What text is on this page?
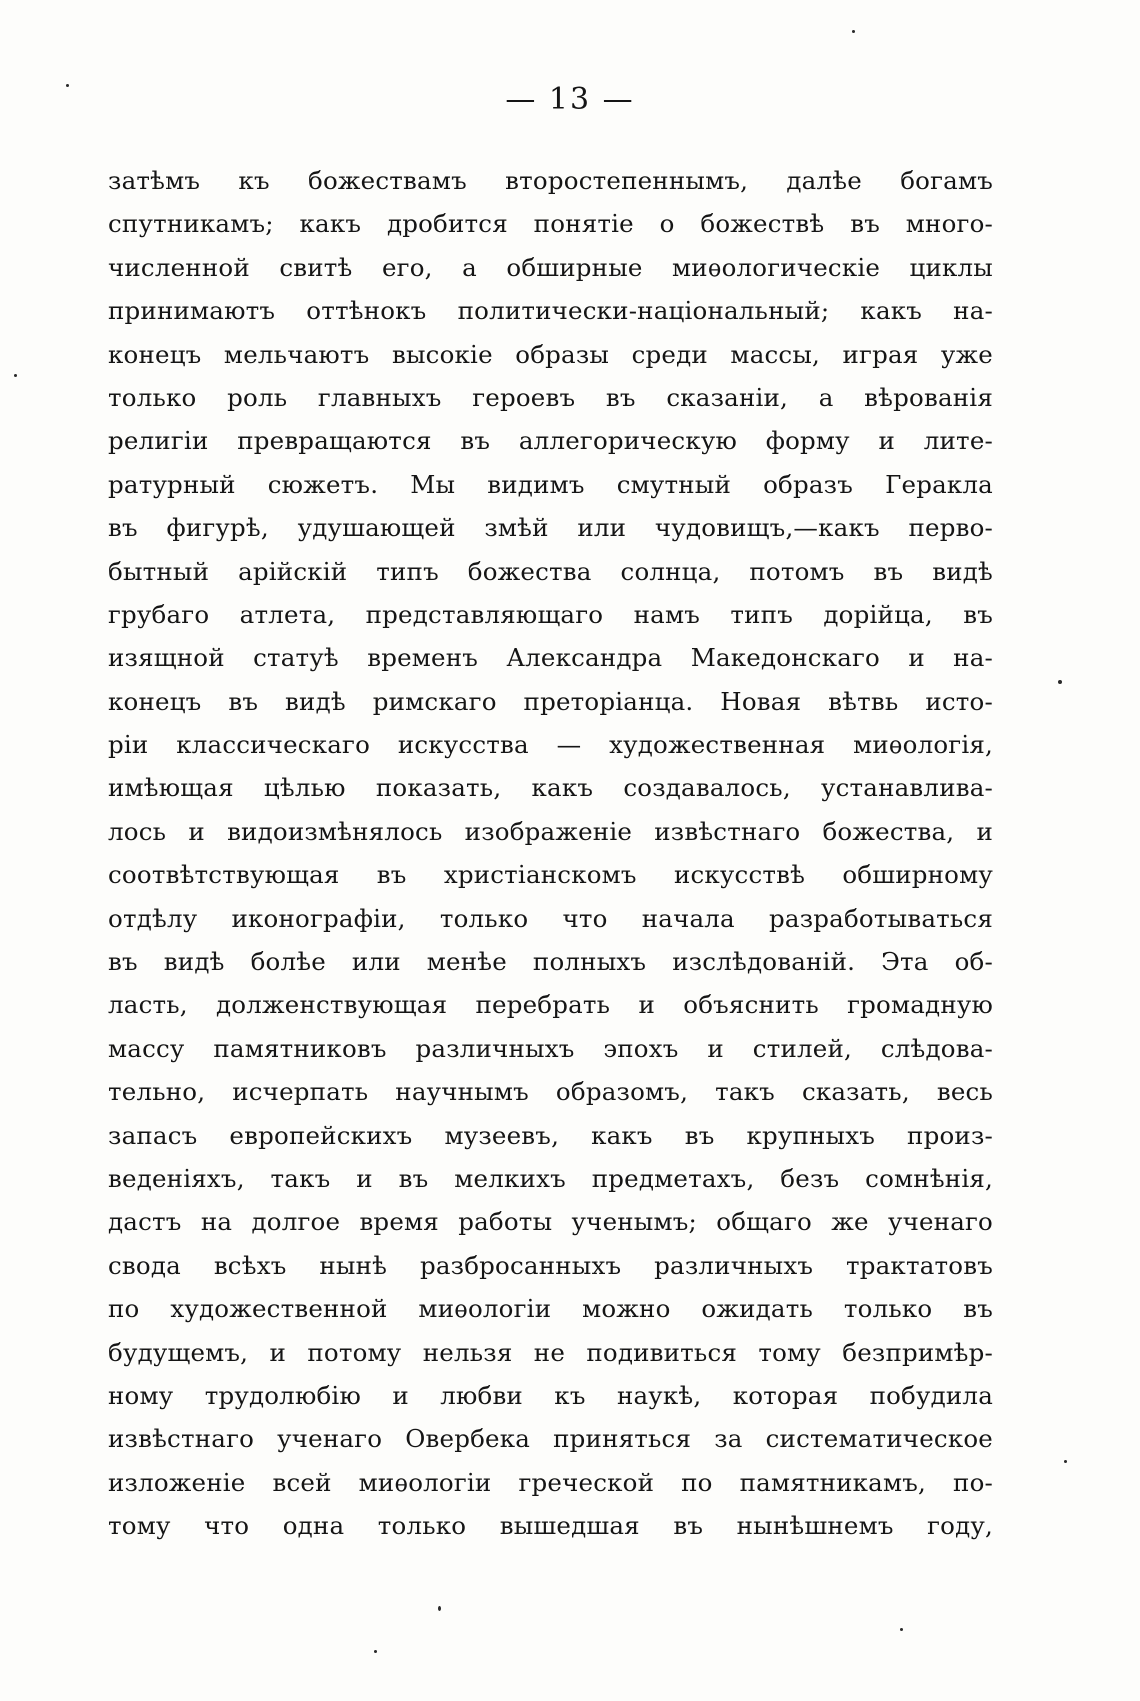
— 13 —
затѣмъ къ божествамъ второстепеннымъ, далѣе богамъ
спутникамъ; какъ дробится понятіе о божествѣ въ много-
численной свитѣ его, а обширные миѳологическіе циклы
принимаютъ оттѣнокъ политически-національный; какъ на-
конецъ мельчаютъ высокіе образы среди массы, играя уже
только роль главныхъ героевъ въ сказаніи, а вѣрованія
религіи превращаются въ аллегорическую форму и лите-
ратурный сюжетъ. Мы видимъ смутный образъ Геракла
въ фигурѣ, удушающей змѣй или чудовищъ,—какъ перво-
бытный арійскій типъ божества солнца, потомъ въ видѣ
грубаго атлета, представляющаго намъ типъ дорійца, въ
изящной статуѣ временъ Александра Македонскаго и на-
конецъ въ видѣ римскаго преторіанца. Новая вѣтвь исто-
ріи классическаго искусства — художественная миѳологія,
имѣющая цѣлью показать, какъ создавалось, устанавлива-
лось и видоизмѣнялось изображеніе извѣстнаго божества, и
соотвѣтствующая въ христіанскомъ искусствѣ обширному
отдѣлу иконографіи, только что начала разработываться
въ видѣ болѣе или менѣе полныхъ изслѣдованій. Эта об-
ласть, долженствующая перебрать и объяснить громадную
массу памятниковъ различныхъ эпохъ и стилей, слѣдова-
тельно, исчерпать научнымъ образомъ, такъ сказать, весь
запасъ европейскихъ музеевъ, какъ въ крупныхъ произ-
веденіяхъ, такъ и въ мелкихъ предметахъ, безъ сомнѣнія,
дастъ на долгое время работы ученымъ; общаго же ученаго
свода всѣхъ нынѣ разбросанныхъ различныхъ трактатовъ
по художественной миѳологіи можно ожидать только въ
будущемъ, и потому нельзя не подивиться тому безпримѣр-
ному трудолюбію и любви къ наукѣ, которая побудила
извѣстнаго ученаго Овербека приняться за систематическое
изложеніе всей миѳологіи греческой по памятникамъ, по-
тому что одна только вышедшая въ нынѣшнемъ году,
